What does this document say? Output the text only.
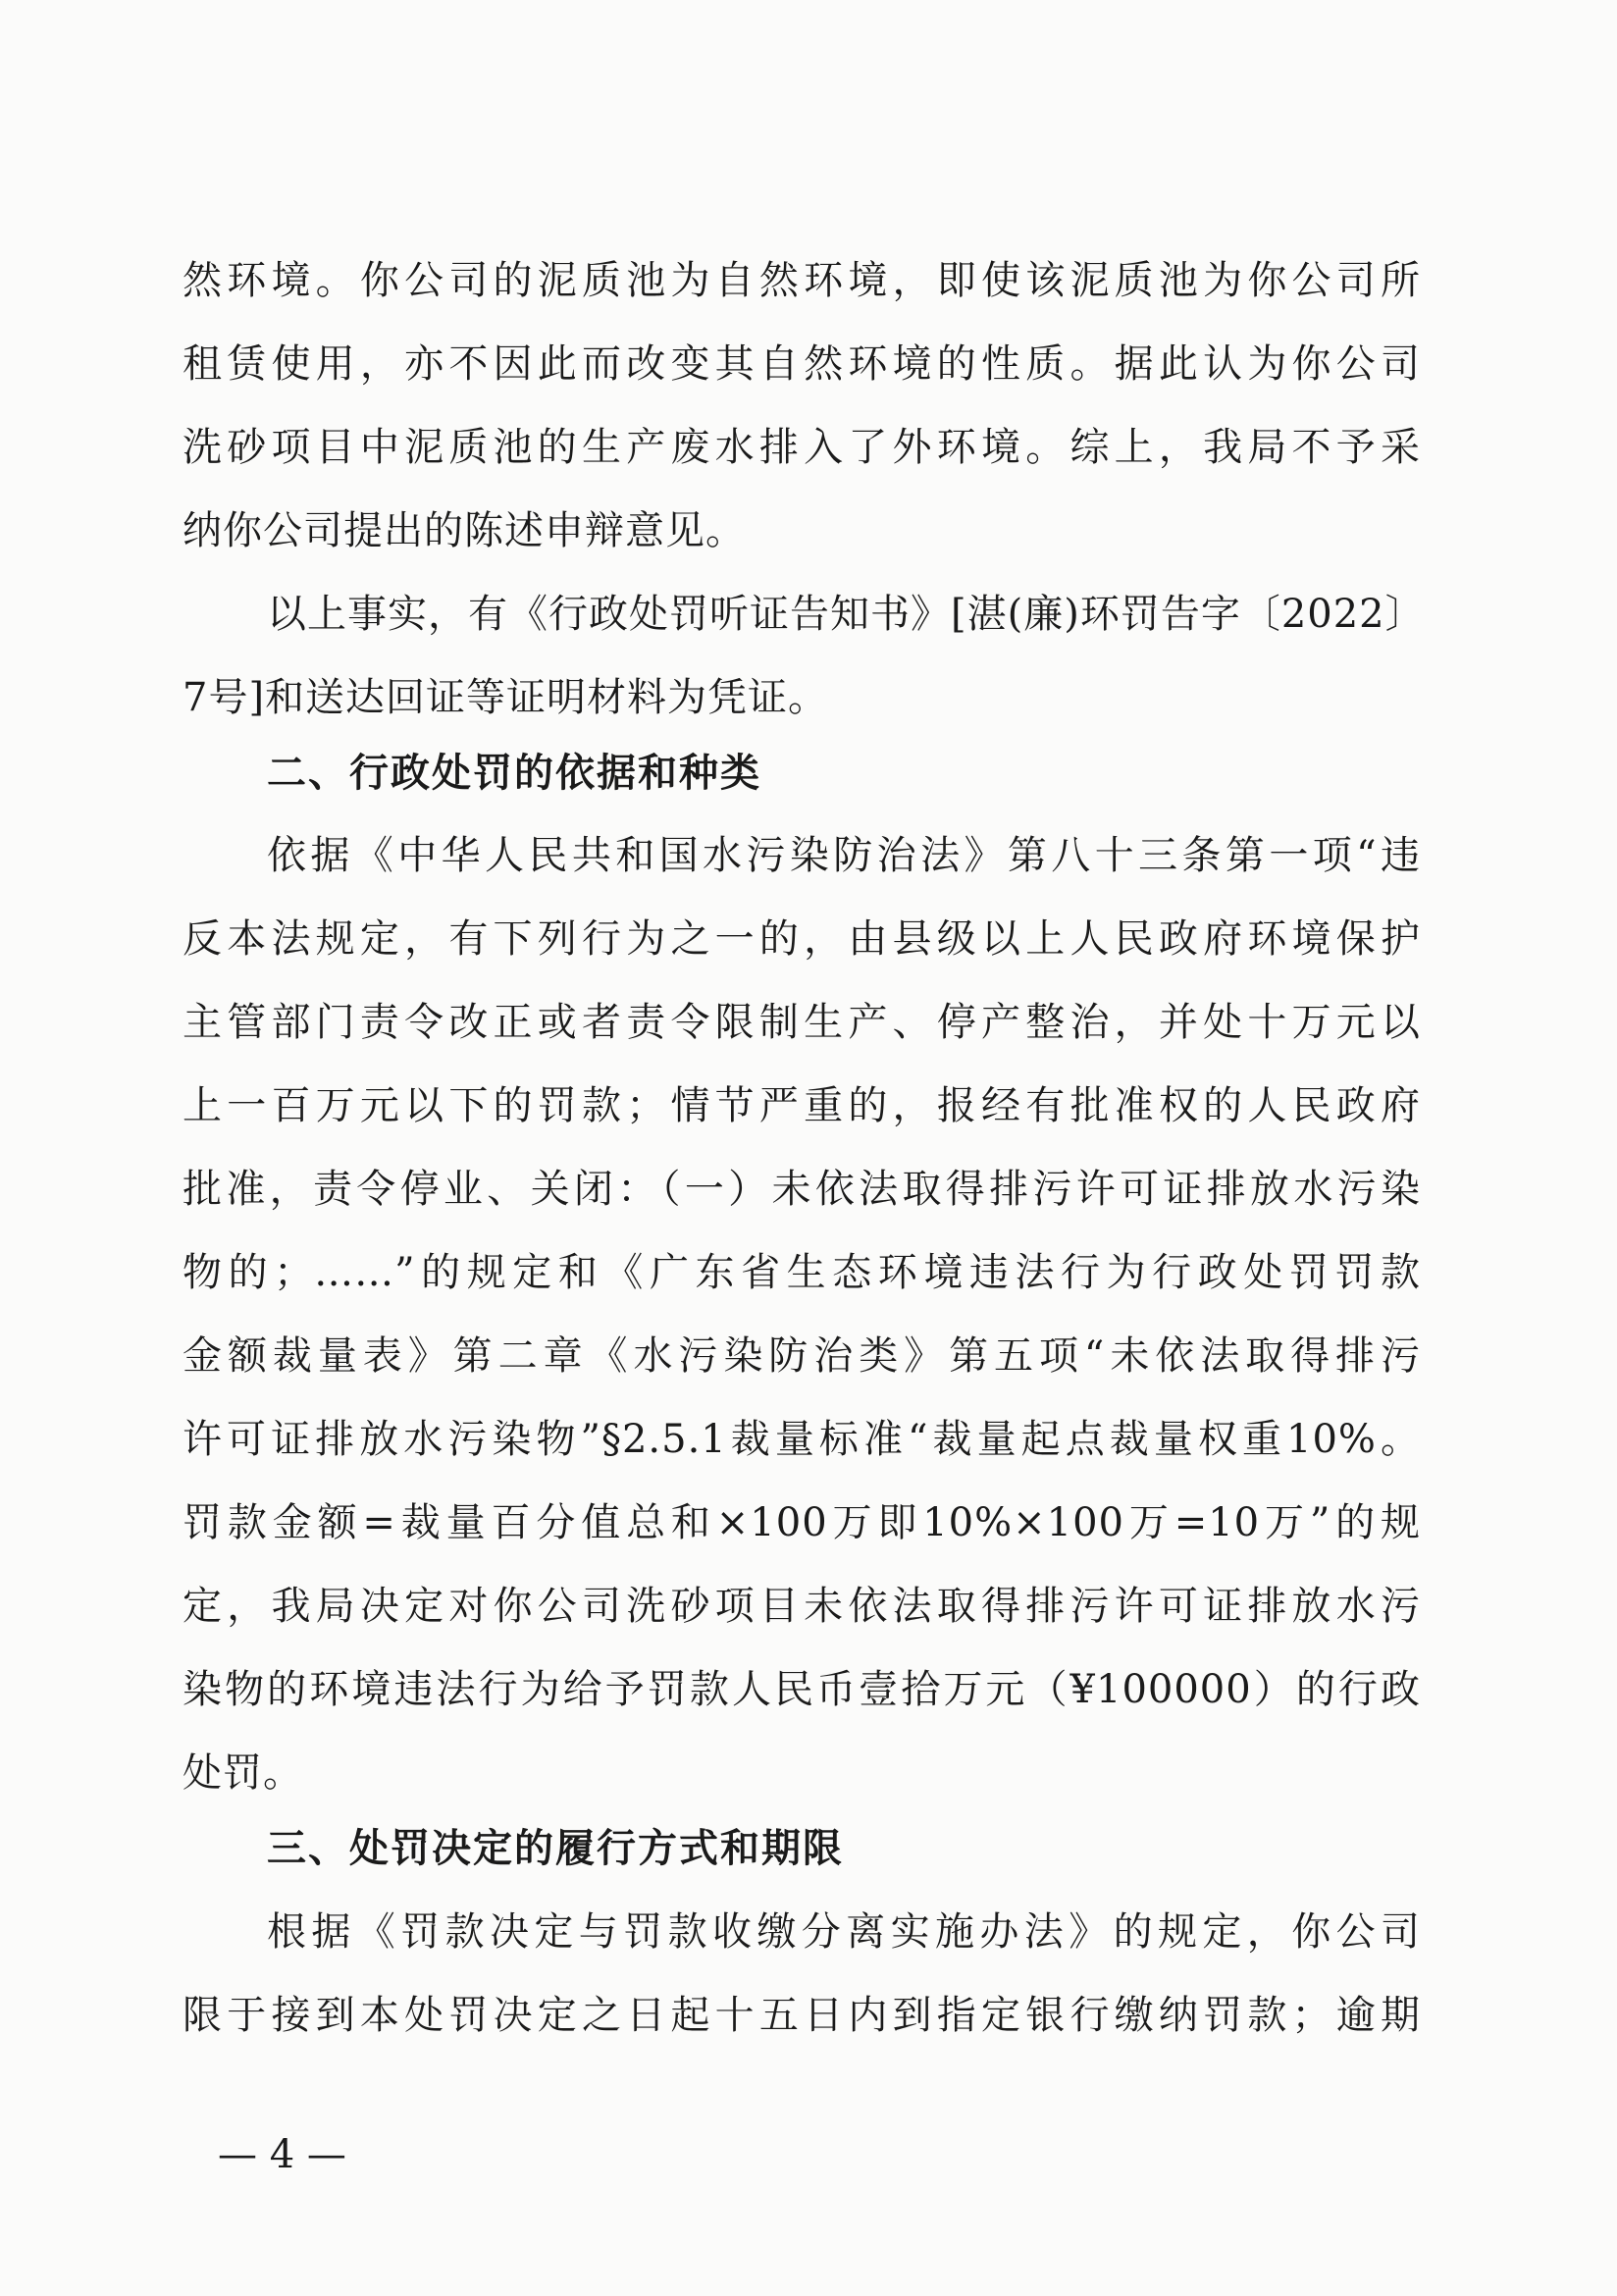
然环境。你公司的泥质池为自然环境，即使该泥质池为你公司所
租赁使用，亦不因此而改变其自然环境的性质。据此认为你公司
洗砂项目中泥质池的生产废水排入了外环境。综上，我局不予采
纳你公司提出的陈述申辩意见。
以上事实，有《行政处罚听证告知书》[湛(廉)环罚告字〔2022〕
7号]和送达回证等证明材料为凭证。
二、行政处罚的依据和种类
依据《中华人民共和国水污染防治法》第八十三条第一项“违
反本法规定，有下列行为之一的，由县级以上人民政府环境保护
主管部门责令改正或者责令限制生产、停产整治，并处十万元以
上一百万元以下的罚款；情节严重的，报经有批准权的人民政府
批准，责令停业、关闭：（一）未依法取得排污许可证排放水污染
物的；……”的规定和《广东省生态环境违法行为行政处罚罚款
金额裁量表》第二章《水污染防治类》第五项“未依法取得排污
许可证排放水污染物”§2.5.1裁量标准“裁量起点裁量权重10%。
罚款金额=裁量百分值总和×100万即10%×100万=10万”的规
定，我局决定对你公司洗砂项目未依法取得排污许可证排放水污
染物的环境违法行为给予罚款人民币壹拾万元（¥100000）的行政
处罚。
三、处罚决定的履行方式和期限
根据《罚款决定与罚款收缴分离实施办法》的规定，你公司
限于接到本处罚决定之日起十五日内到指定银行缴纳罚款；逾期
— 4 —
